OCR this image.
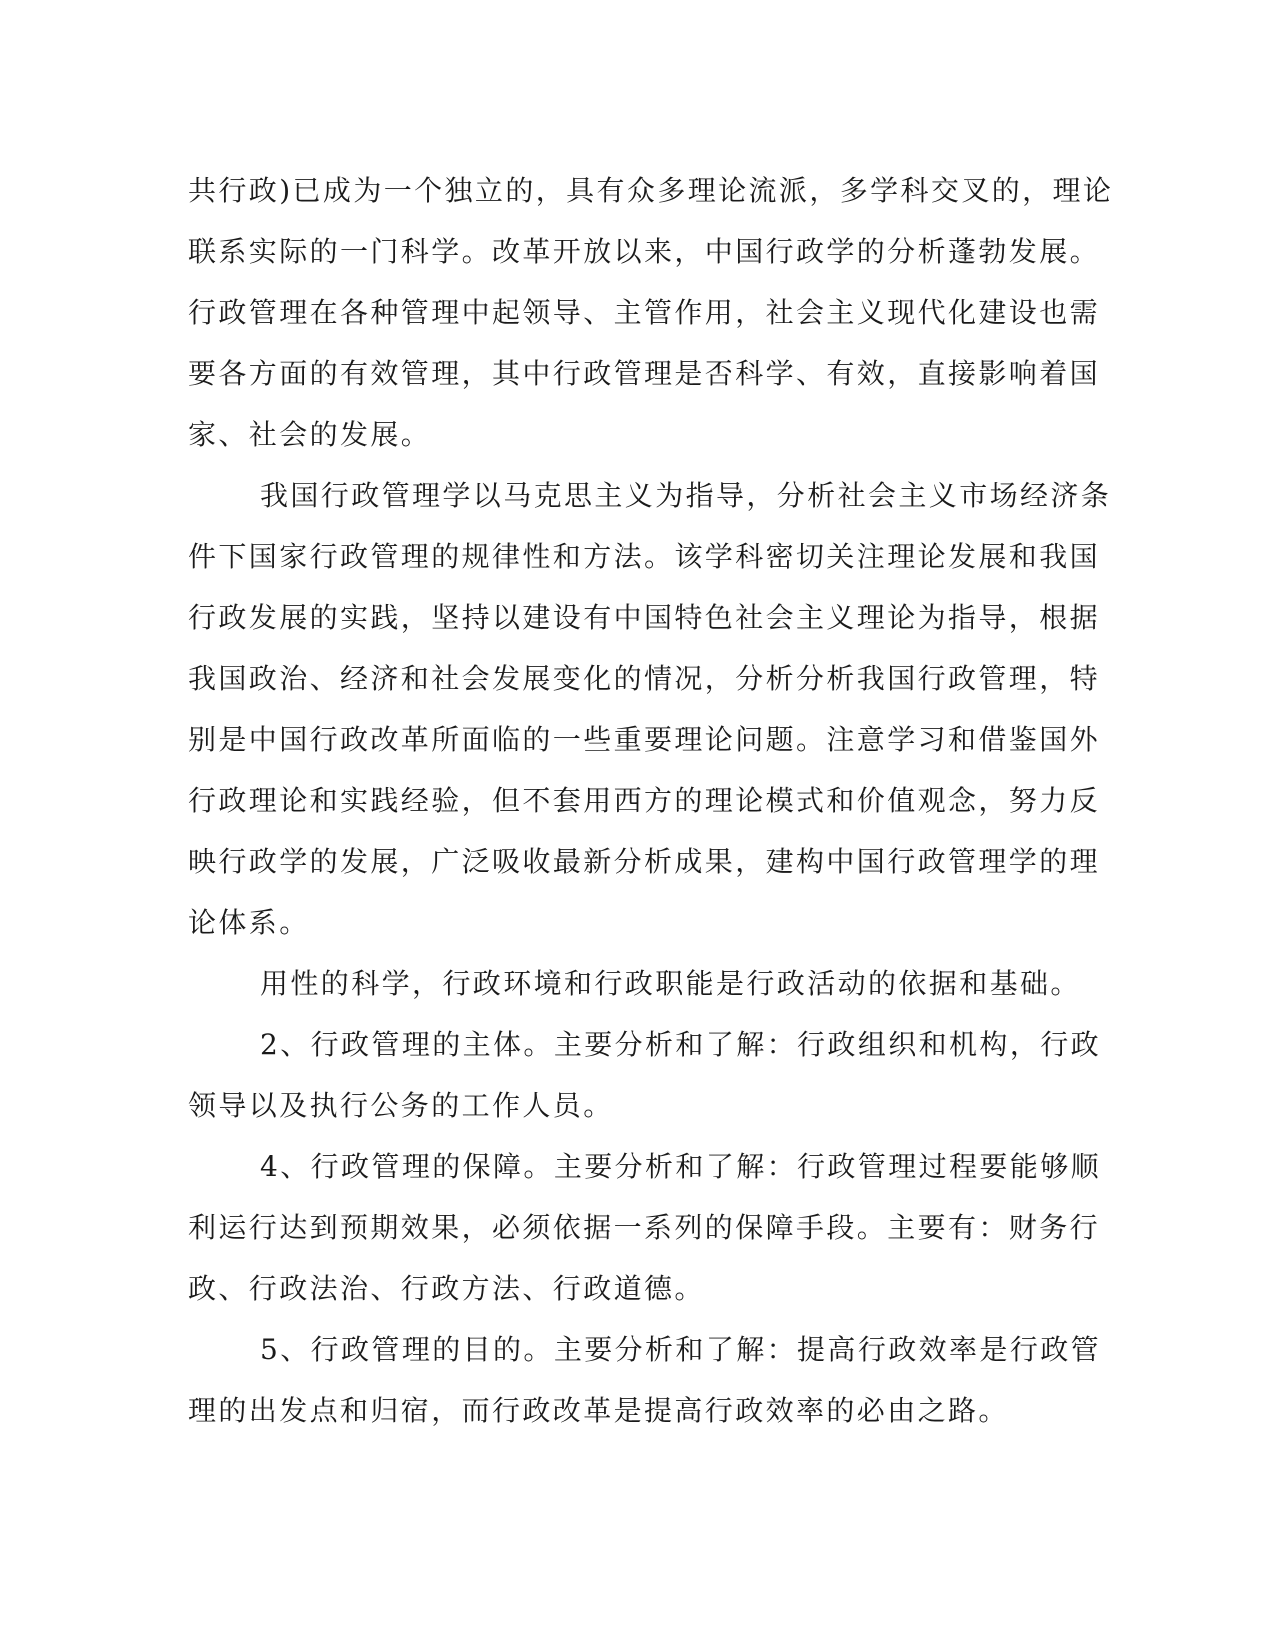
共行政)已成为一个独立的，具有众多理论流派，多学科交叉的，理论
联系实际的一门科学。改革开放以来，中国行政学的分析蓬勃发展。
行政管理在各种管理中起领导、主管作用，社会主义现代化建设也需
要各方面的有效管理，其中行政管理是否科学、有效，直接影响着国
家、社会的发展。
我国行政管理学以马克思主义为指导，分析社会主义市场经济条
件下国家行政管理的规律性和方法。该学科密切关注理论发展和我国
行政发展的实践，坚持以建设有中国特色社会主义理论为指导，根据
我国政治、经济和社会发展变化的情况，分析分析我国行政管理，特
别是中国行政改革所面临的一些重要理论问题。注意学习和借鉴国外
行政理论和实践经验，但不套用西方的理论模式和价值观念，努力反
映行政学的发展，广泛吸收最新分析成果，建构中国行政管理学的理
论体系。
用性的科学，行政环境和行政职能是行政活动的依据和基础。
2、行政管理的主体。主要分析和了解：行政组织和机构，行政
领导以及执行公务的工作人员。
4、行政管理的保障。主要分析和了解：行政管理过程要能够顺
利运行达到预期效果，必须依据一系列的保障手段。主要有：财务行
政、行政法治、行政方法、行政道德。
5、行政管理的目的。主要分析和了解：提高行政效率是行政管
理的出发点和归宿，而行政改革是提高行政效率的必由之路。
